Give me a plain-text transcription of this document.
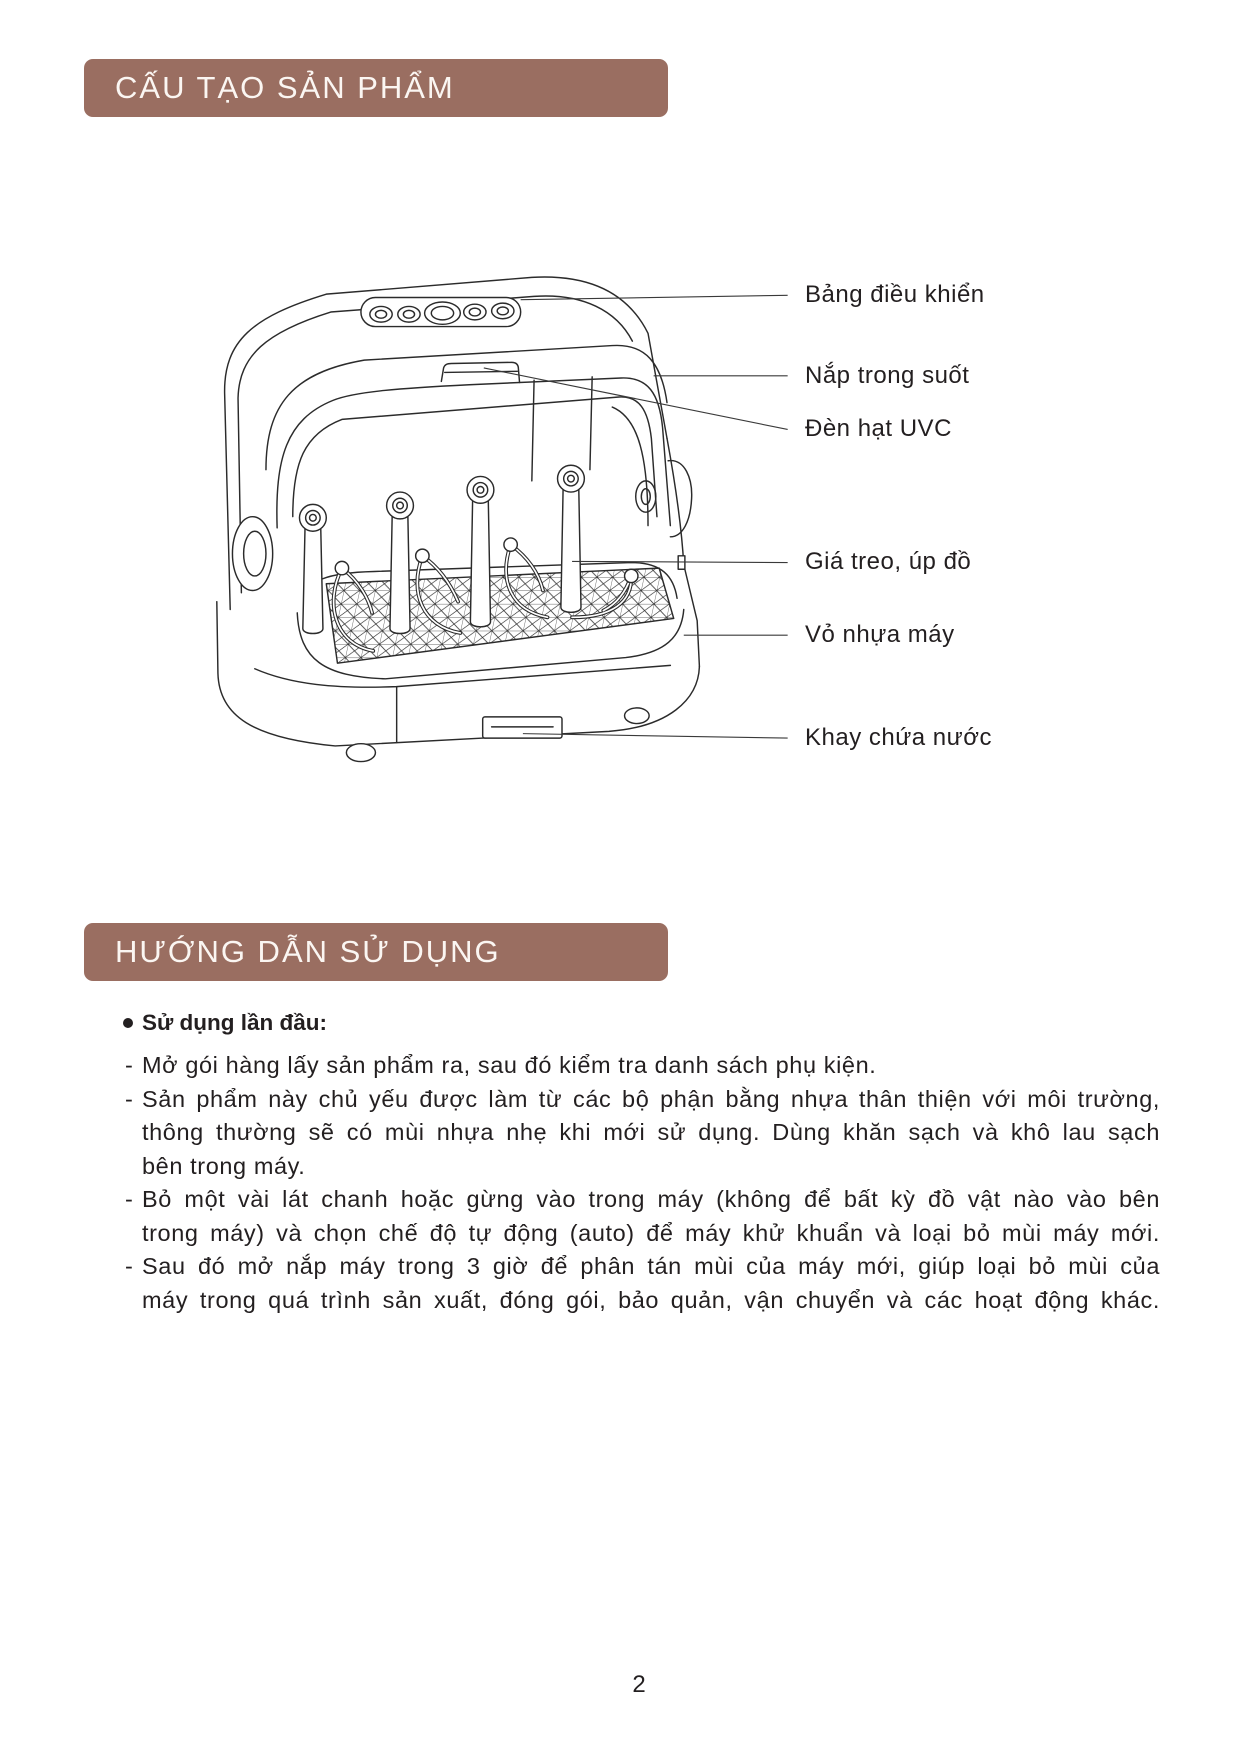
CẤU TẠO SẢN PHẨM
Bảng điều khiển
Nắp trong suốt
Đèn hạt UVC
Giá treo, úp đồ
Vỏ nhựa máy
Khay chứa nước
HƯỚNG DẪN SỬ DỤNG
Sử dụng lần đầu:
- Mở gói hàng lấy sản phẩm ra, sau đó kiểm tra danh sách phụ kiện.
- Sản phẩm này chủ yếu được làm từ các bộ phận bằng nhựa thân thiện với môi trường,
thông thường sẽ có mùi nhựa nhẹ khi mới sử dụng. Dùng khăn sạch và khô lau sạch
bên trong máy.
- Bỏ một vài lát chanh hoặc gừng vào trong máy (không để bất kỳ đồ vật nào vào bên
trong máy) và chọn chế độ tự động (auto) để máy khử khuẩn và loại bỏ mùi máy mới.
- Sau đó mở nắp máy trong 3 giờ để phân tán mùi của máy mới, giúp loại bỏ mùi của
máy trong quá trình sản xuất, đóng gói, bảo quản, vận chuyển và các hoạt động khác.
2
